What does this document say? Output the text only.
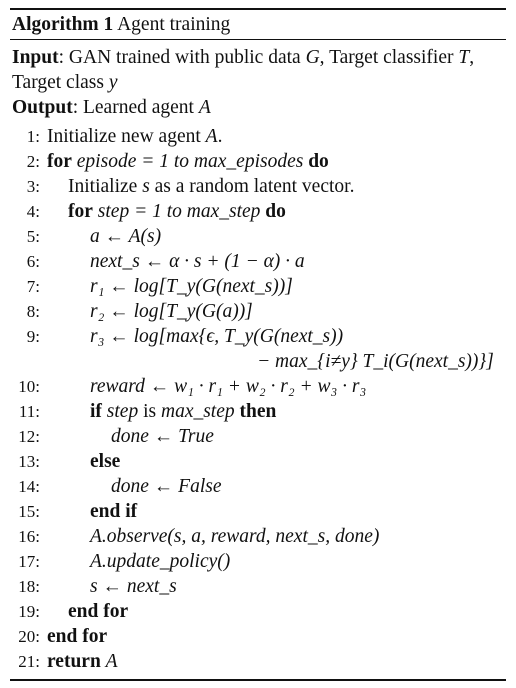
Algorithm 1 Agent training
Input: GAN trained with public data G, Target classifier T,
Target class y
Output: Learned agent A
1: Initialize new agent A.
2: for episode = 1 to max_episodes do
3: Initialize s as a random latent vector.
4: for step = 1 to max_step do
5:	a ← A(s)
6:	next_s ← α · s + (1 − α) · a
7:	r₁ ← log[T_y(G(next_s))]
8:	r₂ ← log[T_y(G(a))]
9:	r₃ ← log[max{ϵ, T_y(G(next_s))
− max_{i≠y} T_i(G(next_s))}]
10:	reward ← w₁ · r₁ + w₂ · r₂ + w₃ · r₃
11:	if step is max_step then
12:	done ← True
13:	else
14:	done ← False
15:	end if
16:	A.observe(s, a, reward, next_s, done)
17:	A.update_policy()
18:	s ← next_s
19: end for
20: end for
21: return A
